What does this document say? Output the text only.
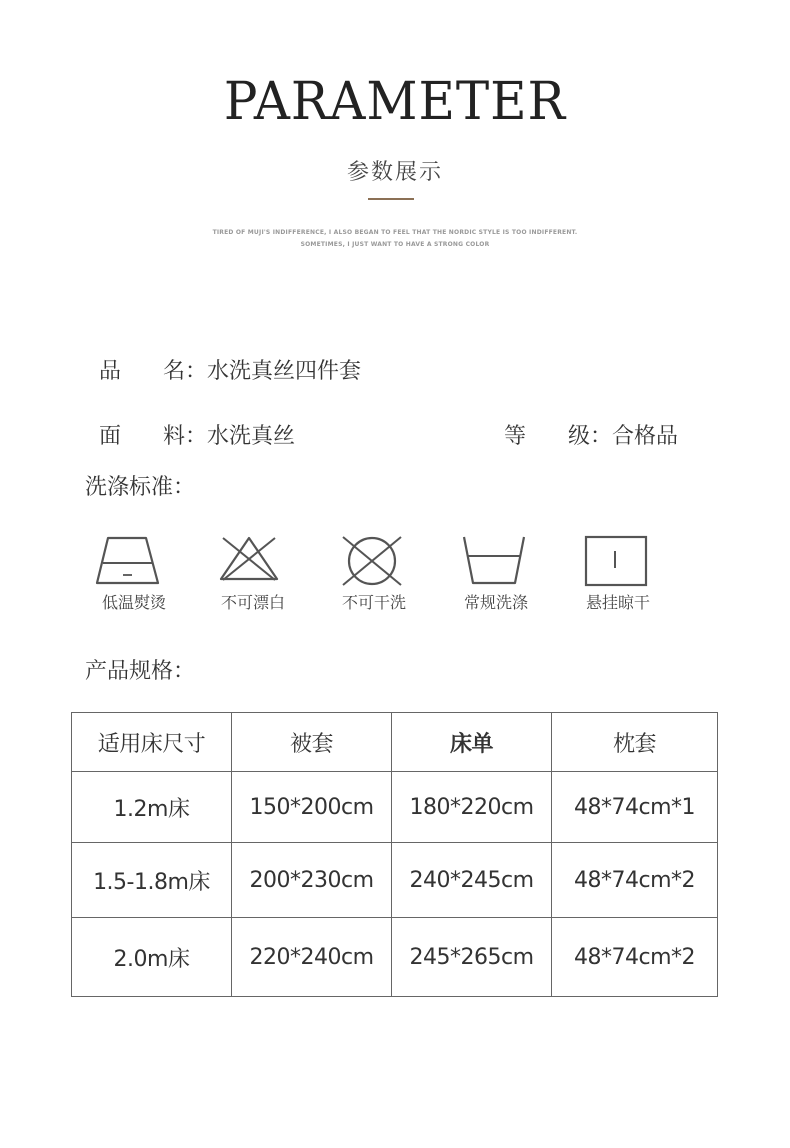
PARAMETER
参数展示
TIRED OF MUJI'S INDIFFERENCE, I ALSO BEGAN TO FEEL THAT THE NORDIC STYLE IS TOO INDIFFERENT.
SOMETIMES, I JUST WANT TO HAVE A STRONG COLOR

品      名：水洗真丝四件套

面      料：水洗真丝	等      级：合格品

洗涤标准：
低温熨烫	不可漂白	不可干洗	常规洗涤	悬挂晾干
产品规格：
适用床尺寸	被套	床单	枕套
1.2m床	150*200cm	180*220cm	48*74cm*1
1.5-1.8m床	200*230cm	240*245cm	48*74cm*2
2.0m床	220*240cm	245*265cm	48*74cm*2
